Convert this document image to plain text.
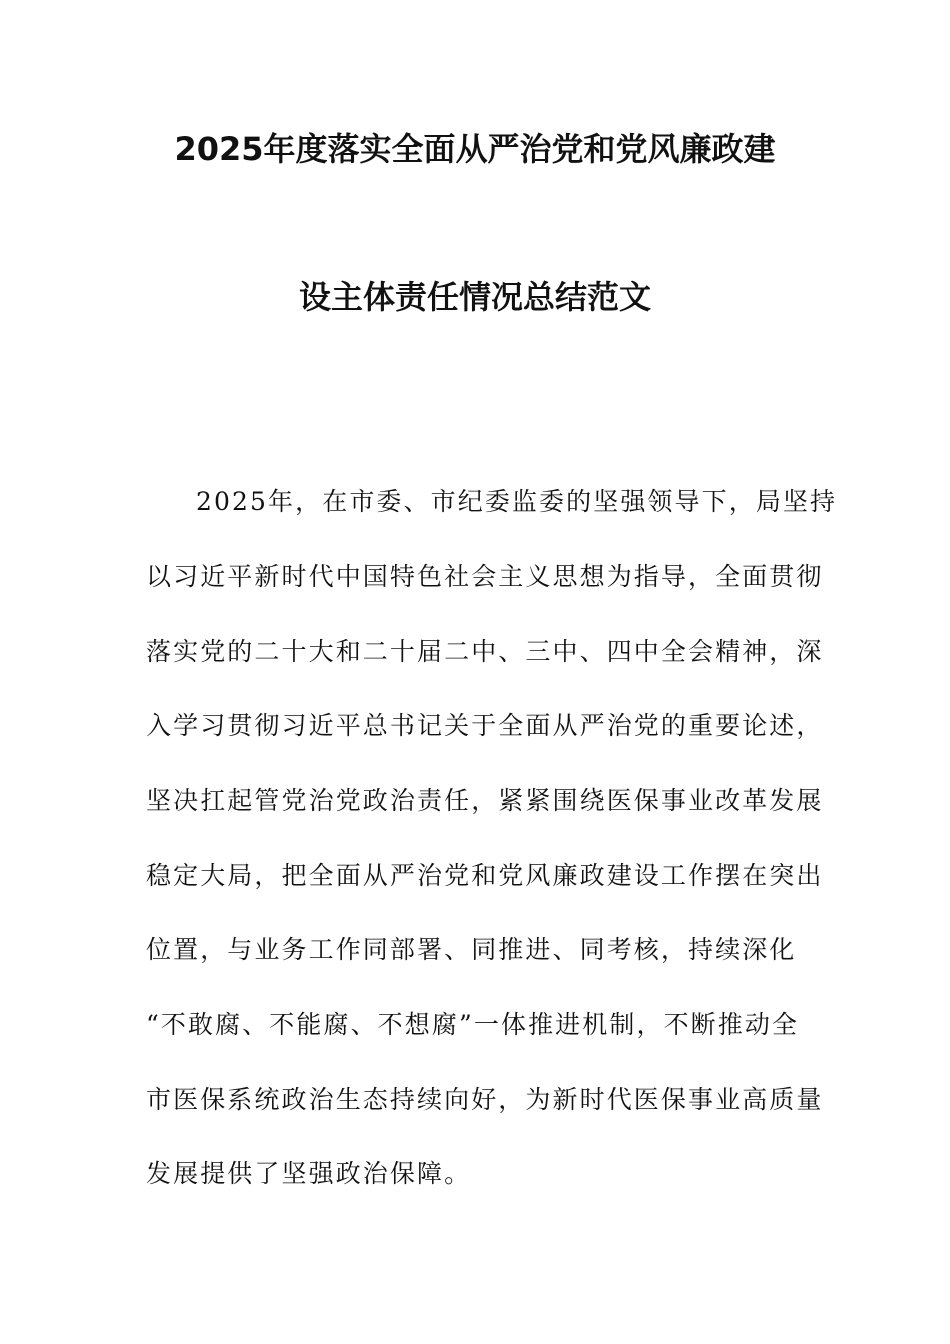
2025年度落实全面从严治党和党风廉政建
设主体责任情况总结范文
2025年，在市委、市纪委监委的坚强领导下，局坚持
以习近平新时代中国特色社会主义思想为指导，全面贯彻
落实党的二十大和二十届二中、三中、四中全会精神，深
入学习贯彻习近平总书记关于全面从严治党的重要论述，
坚决扛起管党治党政治责任，紧紧围绕医保事业改革发展
稳定大局，把全面从严治党和党风廉政建设工作摆在突出
位置，与业务工作同部署、同推进、同考核，持续深化
“不敢腐、不能腐、不想腐”一体推进机制，不断推动全
市医保系统政治生态持续向好，为新时代医保事业高质量
发展提供了坚强政治保障。
